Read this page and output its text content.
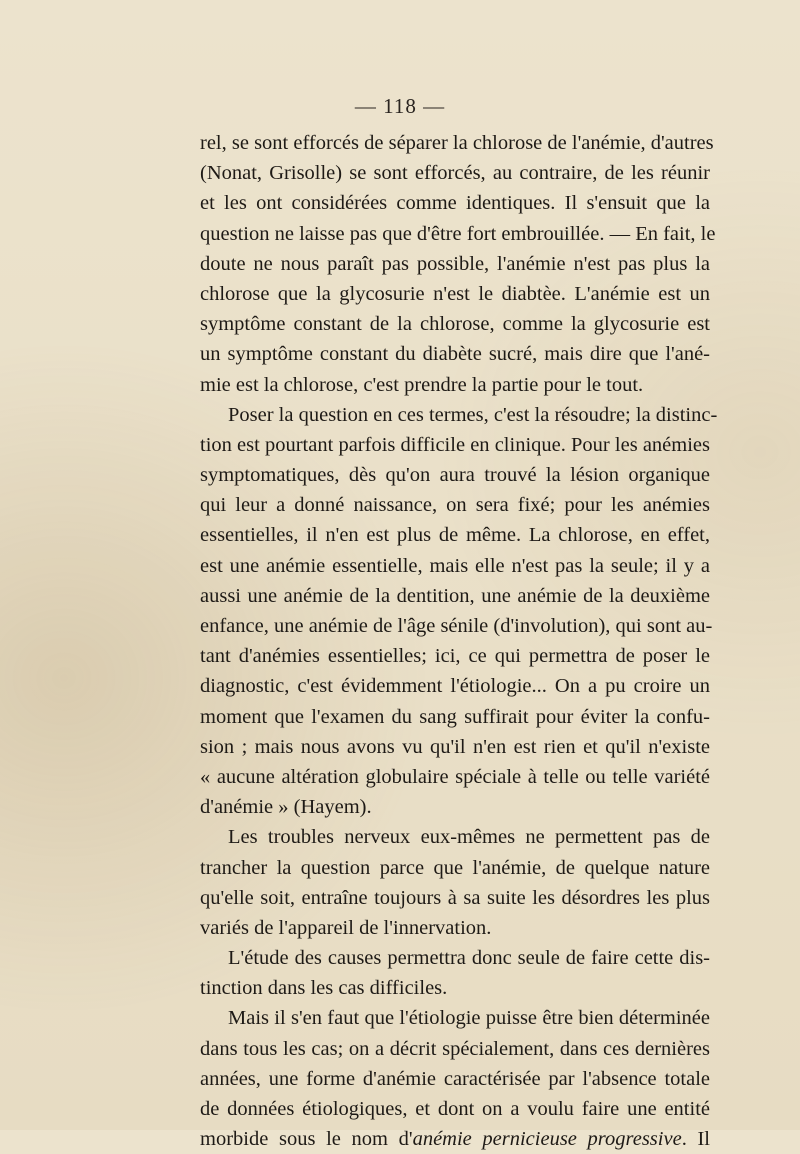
— 118 —
rel, se sont efforcés de séparer la chlorose de l'anémie, d'autres
(Nonat, Grisolle) se sont efforcés, au contraire, de les réunir
et les ont considérées comme identiques. Il s'ensuit que la
question ne laisse pas que d'être fort embrouillée. — En fait, le
doute ne nous paraît pas possible, l'anémie n'est pas plus la
chlorose que la glycosurie n'est le diabtèe. L'anémie est un
symptôme constant de la chlorose, comme la glycosurie est
un symptôme constant du diabète sucré, mais dire que l'ané-
mie est la chlorose, c'est prendre la partie pour le tout.
Poser la question en ces termes, c'est la résoudre; la distinc-
tion est pourtant parfois difficile en clinique. Pour les anémies
symptomatiques, dès qu'on aura trouvé la lésion organique
qui leur a donné naissance, on sera fixé; pour les anémies
essentielles, il n'en est plus de même. La chlorose, en effet,
est une anémie essentielle, mais elle n'est pas la seule; il y a
aussi une anémie de la dentition, une anémie de la deuxième
enfance, une anémie de l'âge sénile (d'involution), qui sont au-
tant d'anémies essentielles; ici, ce qui permettra de poser le
diagnostic, c'est évidemment l'étiologie... On a pu croire un
moment que l'examen du sang suffirait pour éviter la confu-
sion ; mais nous avons vu qu'il n'en est rien et qu'il n'existe
« aucune altération globulaire spéciale à telle ou telle variété
d'anémie » (Hayem).
Les troubles nerveux eux-mêmes ne permettent pas de
trancher la question parce que l'anémie, de quelque nature
qu'elle soit, entraîne toujours à sa suite les désordres les plus
variés de l'appareil de l'innervation.
L'étude des causes permettra donc seule de faire cette dis-
tinction dans les cas difficiles.
Mais il s'en faut que l'étiologie puisse être bien déterminée
dans tous les cas; on a décrit spécialement, dans ces dernières
années, une forme d'anémie caractérisée par l'absence totale
de données étiologiques, et dont on a voulu faire une entité
morbide sous le nom d'anémie pernicieuse progressive. Il
